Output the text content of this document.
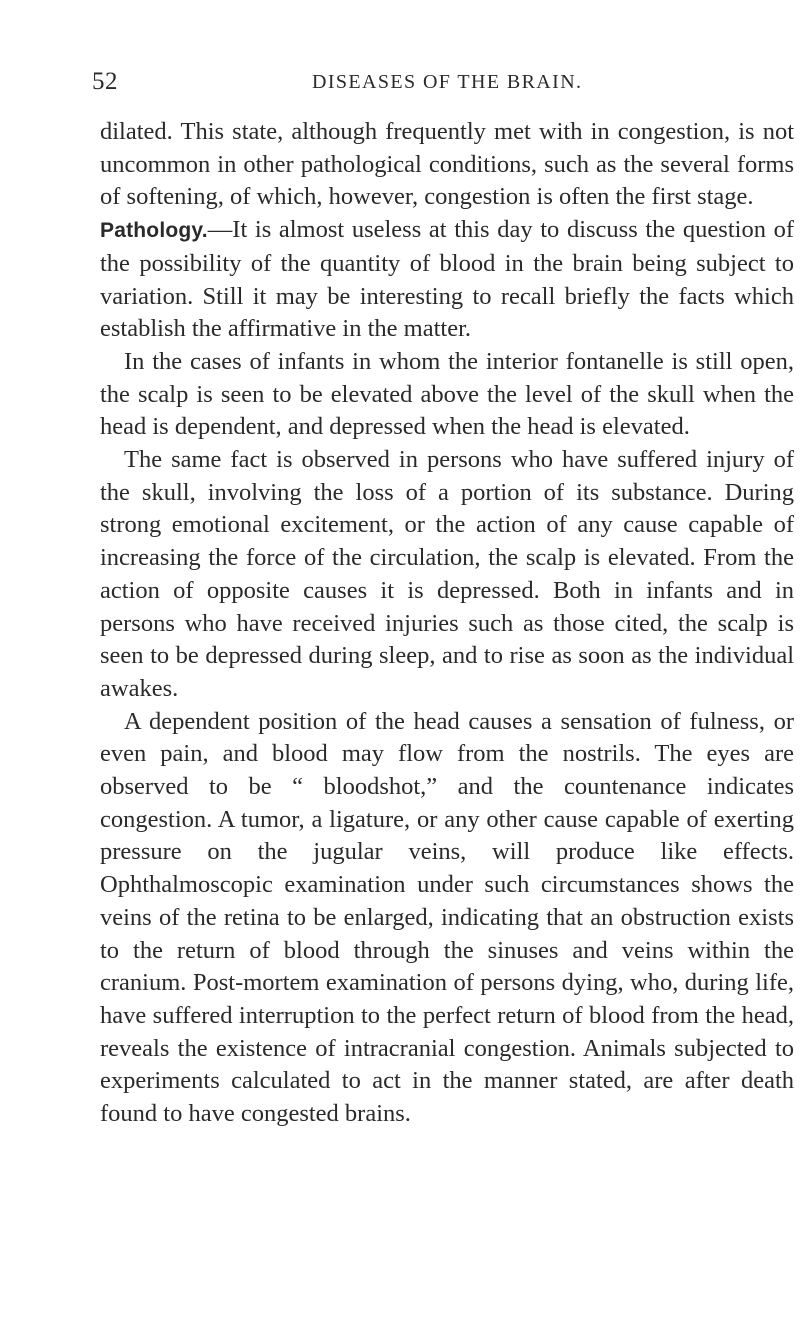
52	DISEASES OF THE BRAIN.

dilated. This state, although frequently met with in congestion, is not uncommon in other pathological conditions, such as the several forms of softening, of which, however, congestion is often the first stage.

Pathology.—It is almost useless at this day to discuss the question of the possibility of the quantity of blood in the brain being subject to variation. Still it may be interesting to recall briefly the facts which establish the affirmative in the matter.

In the cases of infants in whom the interior fontanelle is still open, the scalp is seen to be elevated above the level of the skull when the head is dependent, and depressed when the head is elevated.

The same fact is observed in persons who have suffered injury of the skull, involving the loss of a portion of its substance. During strong emotional excitement, or the action of any cause capable of increasing the force of the circulation, the scalp is elevated. From the action of opposite causes it is depressed. Both in infants and in persons who have received injuries such as those cited, the scalp is seen to be depressed during sleep, and to rise as soon as the individual awakes.

A dependent position of the head causes a sensation of fulness, or even pain, and blood may flow from the nostrils. The eyes are observed to be “ bloodshot,” and the countenance indicates congestion. A tumor, a ligature, or any other cause capable of exerting pressure on the jugular veins, will produce like effects. Ophthalmoscopic examination under such circumstances shows the veins of the retina to be enlarged, indicating that an obstruction exists to the return of blood through the sinuses and veins within the cranium. Post-mortem examination of persons dying, who, during life, have suffered interruption to the perfect return of blood from the head, reveals the existence of intracranial congestion. Animals subjected to experiments calculated to act in the manner stated, are after death found to have congested brains.
